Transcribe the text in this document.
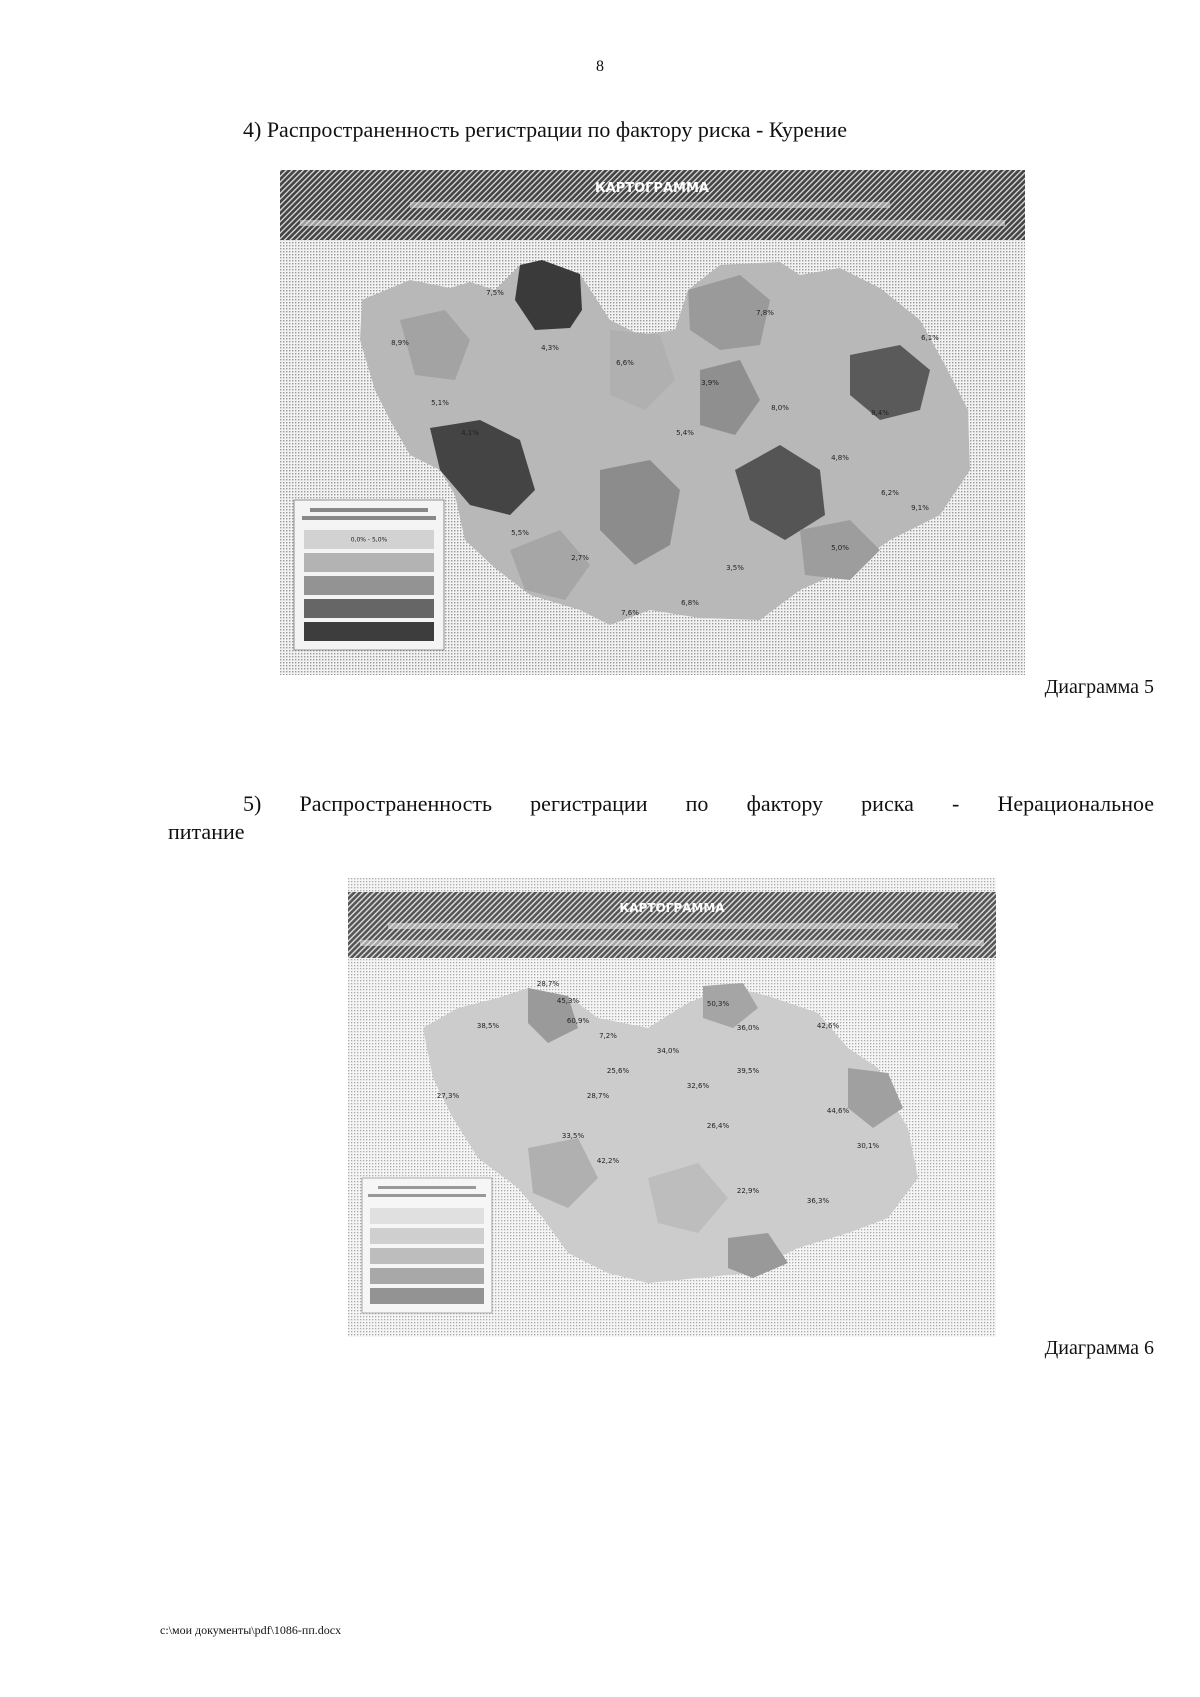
8
4) Распространенность регистрации по фактору риска - Курение
КАРТОГРАММА
7,5%
8,9%
4,3%
5,1%
6,6%
7,8%
6,1%
3,9%
5,4%
8,0%
4,8%
2,7%
5,5%
6,2%
9,1%
7,6%
3,5%
5,0%
4,1%
6,8%
8,4%
0,0% - 5,0%
Диаграмма 5
5) Распространенность регистрации по фактору риска - Нерациональное
питание
КАРТОГРАММА
28,7%
45,3%
38,5%
60,9%
7,2%
34,0%
50,3%
36,0%	42,6%
25,6%
27,3%	28,7%
39,5%
32,6%
26,4%
33,5%
44,6%
30,1%
42,2%
22,9%
36,3%
Диаграмма 6
c:\мои документы\pdf\1086-пп.docx
